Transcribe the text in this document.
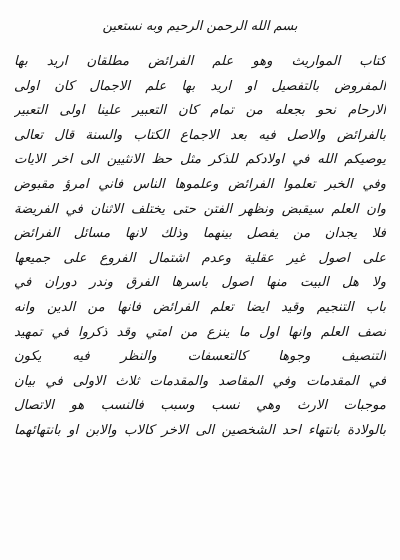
بسم الله الرحمن الرحيم وبه نستعين
كتاب المواريث وهو علم الفرائض مطلقان اريد بها
المفروض بالتفصيل او اريد بها علم الاجمال كان اولى
الارحام نحو بجعله من تمام كان التعبير علينا اولى التعبير
بالفرائض والاصل فيه بعد الاجماع الكتاب والسنة قال تعالى
يوصيكم الله في اولادكم للذكر مثل حظ الانثيين الى اخر الايات
وفي الخبر تعلموا الفرائض وعلموها الناس فاني امرؤ مقبوض
وان العلم سيقبض ونظهر الفتن حتى يختلف الاثنان في الفريضة
فلا يجدان من يفصل بينهما وذلك لانها مسائل الفرائض
على اصول غير عقلية وعدم اشتمال الفروع على جميعها
ولا هل البيت منها اصول باسرها الفرق وندر دوران في
باب التنجيم وقيد ايضا تعلم الفرائض فانها من الدين وانه
نصف العلم وانها اول ما ينزع من امتي وقد ذكروا في تمهيد
التنصيف وجوها كالتعسفات والنظر فيه يكون
في المقدمات وفي المقاصد والمقدمات ثلاث الاولى في بيان
موجبات الارث وهي نسب وسبب فالنسب هو الاتصال
بالولادة بانتهاء احد الشخصين الى الاخر كالاب والابن او بانتهائهما
